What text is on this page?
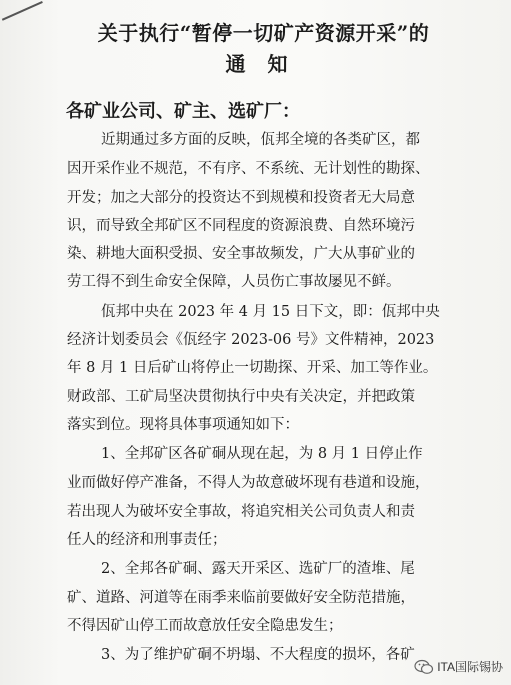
关于执行“暂停一切矿产资源开采”的
通知
各矿业公司、矿主、选矿厂：
近期通过多方面的反映，佤邦全境的各类矿区，都
因开采作业不规范，不有序、不系统、无计划性的勘探、
开发；加之大部分的投资达不到规模和投资者无大局意
识，而导致全邦矿区不同程度的资源浪费、自然环境污
染、耕地大面积受损、安全事故频发，广大从事矿业的
劳工得不到生命安全保障，人员伤亡事故屡见不鲜。
佤邦中央在 2023 年 4 月 15 日下文，即：佤邦中央
经济计划委员会《佤经字 2023-06 号》文件精神，2023
年 8 月 1 日后矿山将停止一切勘探、开采、加工等作业。
财政部、工矿局坚决贯彻执行中央有关决定，并把政策
落实到位。现将具体事项通知如下：
1、全邦矿区各矿硐从现在起，为 8 月 1 日停止作
业而做好停产准备，不得人为故意破坏现有巷道和设施，
若出现人为破坏安全事故，将追究相关公司负责人和责
任人的经济和刑事责任；
2、全邦各矿硐、露天开采区、选矿厂的渣堆、尾
矿、道路、河道等在雨季来临前要做好安全防范措施，
不得因矿山停工而故意放任安全隐患发生；
3、为了维护矿硐不坍塌、不大程度的损坏，各矿
ITA国际锡协
